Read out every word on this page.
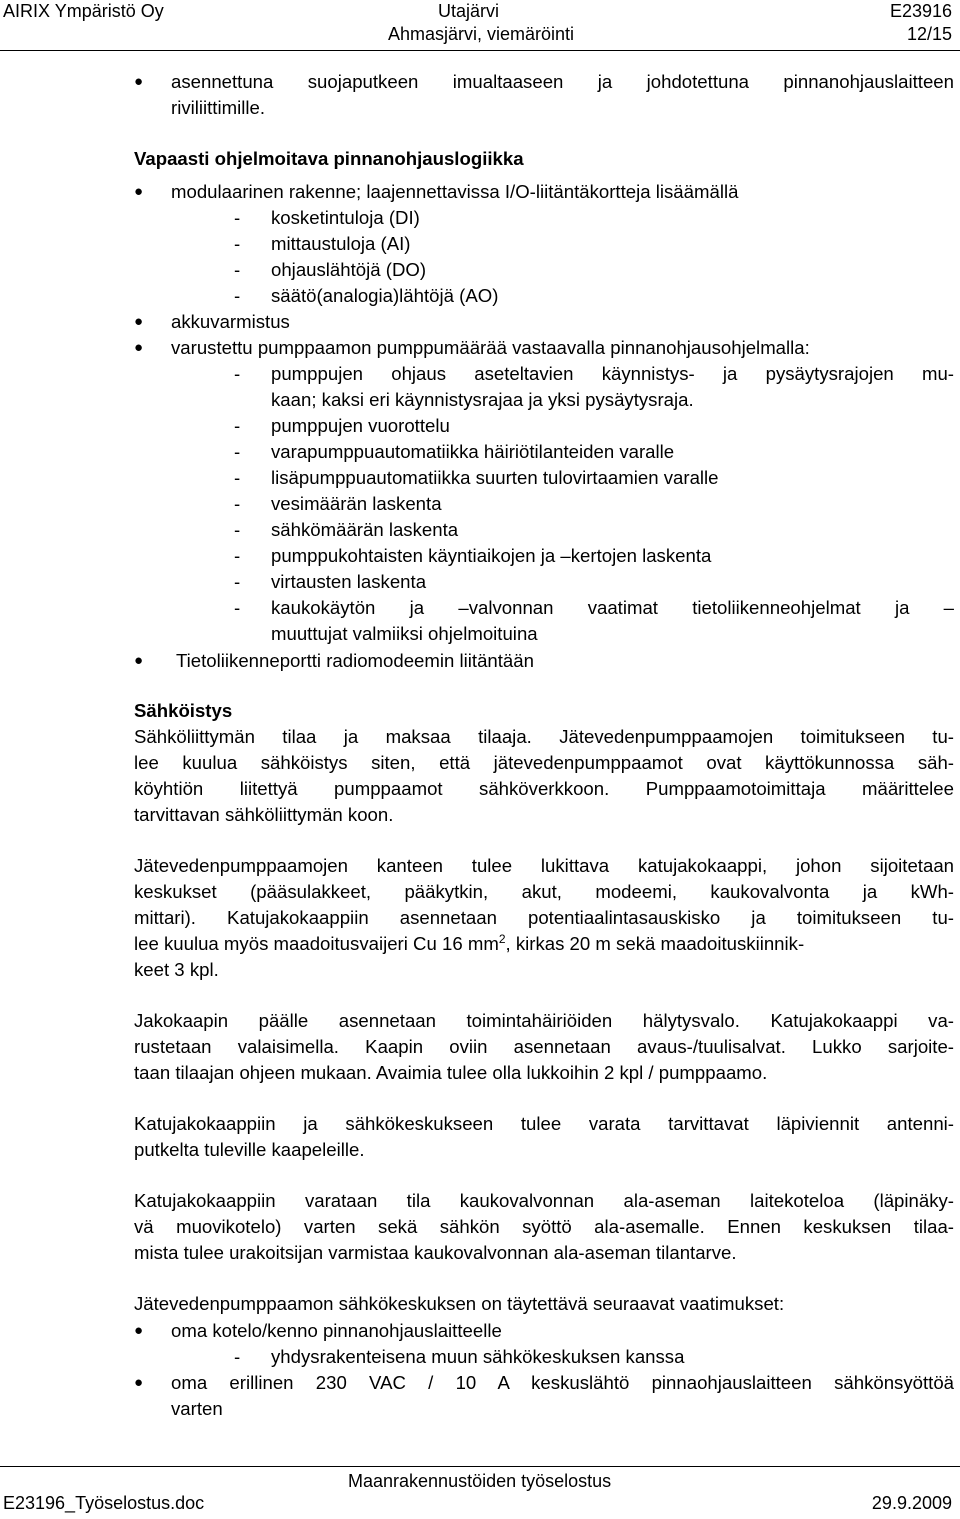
AIRIX Ympäristö Oy	Utajärvi	E23916
Ahmasjärvi, viemäröinti	12/15
●	asennettuna suojaputkeen imualtaaseen ja johdotettuna pinnanohjauslaitteen
riviliittimille.
Vapaasti ohjelmoitava pinnanohjauslogiikka
●	modulaarinen rakenne; laajennettavissa I/O-liitäntäkortteja lisäämällä
- kosketintuloja (DI)
- mittaustuloja (AI)
- ohjauslähtöjä (DO)
- säätö(analogia)lähtöjä (AO)
●	akkuvarmistus
●	varustettu pumppaamon pumppumäärää vastaavalla pinnanohjausohjelmalla:
- pumppujen ohjaus aseteltavien käynnistys- ja pysäytysrajojen mu-
kaan; kaksi eri käynnistysrajaa ja yksi pysäytysraja.
- pumppujen vuorottelu
- varapumppuautomatiikka häiriötilanteiden varalle
- lisäpumppuautomatiikka suurten tulovirtaamien varalle
- vesimäärän laskenta
- sähkömäärän laskenta
- pumppukohtaisten käyntiaikojen ja –kertojen laskenta
- virtausten laskenta
- kaukokäytön ja –valvonnan vaatimat tietoliikenneohjelmat ja –
muuttujat valmiiksi ohjelmoituina
●	Tietoliikenneportti radiomodeemin liitäntään
Sähköistys
Sähköliittymän tilaa ja maksaa tilaaja. Jätevedenpumppaamojen toimitukseen tu-
lee kuulua sähköistys siten, että jätevedenpumppaamot ovat käyttökunnossa säh-
köyhtiön liitettyä pumppaamot sähköverkkoon. Pumppaamotoimittaja määrittelee
tarvittavan sähköliittymän koon.
Jätevedenpumppaamojen kanteen tulee lukittava katujakokaappi, johon sijoitetaan
keskukset (pääsulakkeet, pääkytkin, akut, modeemi, kaukovalvonta ja kWh-
mittari). Katujakokaappiin asennetaan potentiaalintasauskisko ja toimitukseen tu-
lee kuulua myös maadoitusvaijeri Cu 16 $mm^2$, kirkas 20 m sekä maadoituskiinnik-
keet 3 kpl.
Jakokaapin päälle asennetaan toimintahäiriöiden hälytysvalo. Katujakokaappi va-
rustetaan valaisimella. Kaapin oviin asennetaan avaus-/tuulisalvat. Lukko sarjoite-
taan tilaajan ohjeen mukaan. Avaimia tulee olla lukkoihin 2 kpl / pumppaamo.
Katujakokaappiin ja sähkökeskukseen tulee varata tarvittavat läpiviennit antenni-
putkelta tuleville kaapeleille.
Katujakokaappiin varataan tila kaukovalvonnan ala-aseman laitekoteloa (läpinäky-
vä muovikotelo) varten sekä sähkön syöttö ala-asemalle. Ennen keskuksen tilaa-
mista tulee urakoitsijan varmistaa kaukovalvonnan ala-aseman tilantarve.
Jätevedenpumppaamon sähkökeskuksen on täytettävä seuraavat vaatimukset:
●	oma kotelo/kenno pinnanohjauslaitteelle
- yhdysrakenteisena muun sähkökeskuksen kanssa
●	oma erillinen 230 VAC / 10 A keskuslähtö pinnaohjauslaitteen sähkönsyöttöä
varten
Maanrakennustöiden työselostus
E23196_Työselostus.doc	29.9.2009
